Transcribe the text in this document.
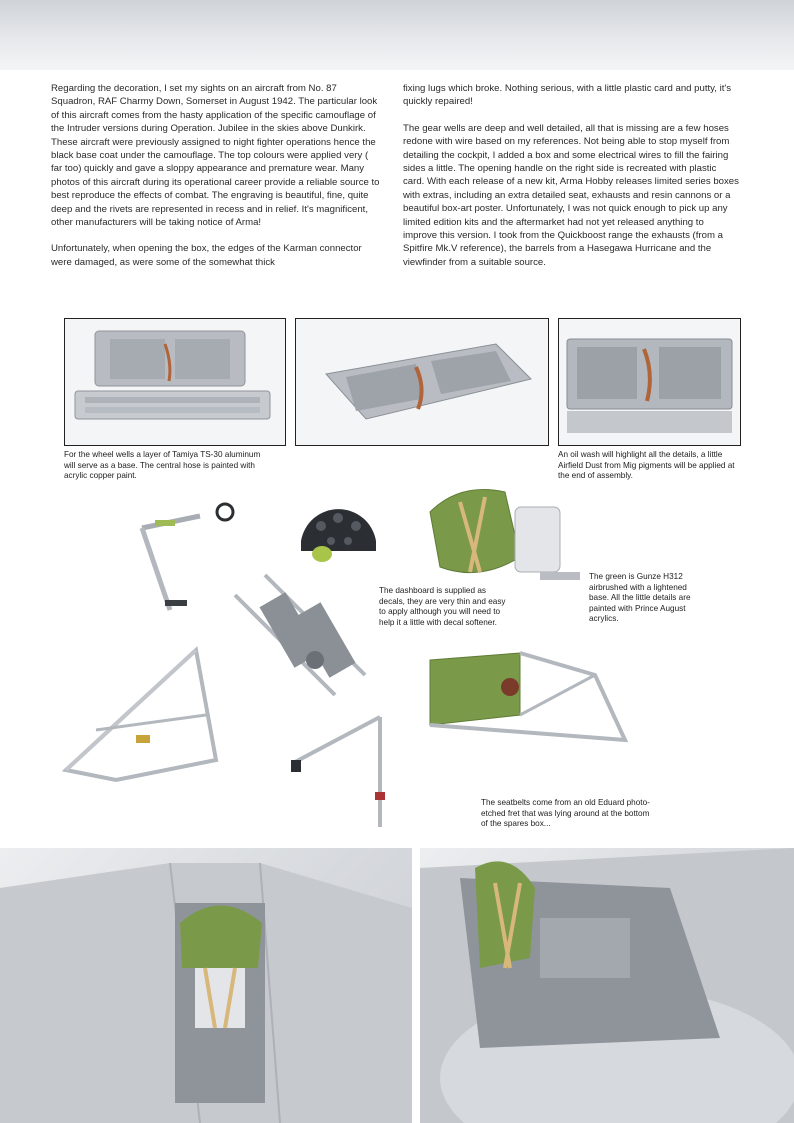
Regarding the decoration, I set my sights on an aircraft from No. 87 Squadron, RAF Charmy Down, Somerset in August 1942. The particular look of this aircraft comes from the hasty application of the specific camouflage of the Intruder versions during Operation. Jubilee in the skies above Dunkirk. These aircraft were previously assigned to night fighter operations hence the black base coat under the camouflage. The top colours were applied very ( far too) quickly and gave a sloppy appearance and premature wear. Many photos of this aircraft during its operational career provide a reliable source to best reproduce the effects of combat. The engraving is beautiful, fine, quite deep and the rivets are represented in recess and in relief. It's magnificent, other manufacturers will be taking notice of Arma!

Unfortunately, when opening the box, the edges of the Karman connector were damaged, as were some of the somewhat thick

fixing lugs which broke. Nothing serious, with a little plastic card and putty, it's quickly repaired!

The gear wells are deep and well detailed, all that is missing are a few hoses redone with wire based on my references. Not being able to stop myself from detailing the cockpit, I added a box and some electrical wires to fill the fairing sides a little. The opening handle on the right side is recreated with plastic card. With each release of a new kit, Arma Hobby releases limited series boxes with extras, including an extra detailed seat, exhausts and resin cannons or a beautiful box-art poster. Unfortunately, I was not quick enough to pick up any limited edition kits and the aftermarket had not yet released anything to improve this version. I took from the Quickboost range the exhausts (from a Spitfire Mk.V reference), the barrels from a Hasegawa Hurricane and the viewfinder from a suitable source.

For the wheel wells a layer of Tamiya TS-30 aluminum will serve as a base. The central hose is painted with acrylic copper paint.
An oil wash will highlight all the details, a little Airfield Dust from Mig pigments will be applied at the end of assembly.
The dashboard is supplied as decals, they are very thin and easy to apply although you will need to help it a little with decal softener.
The green is Gunze H312 airbrushed with a lightened base. All the little details are painted with Prince August acrylics.
The seatbelts come from an old Eduard photo-etched fret that was lying around at the bottom of the spares box...
